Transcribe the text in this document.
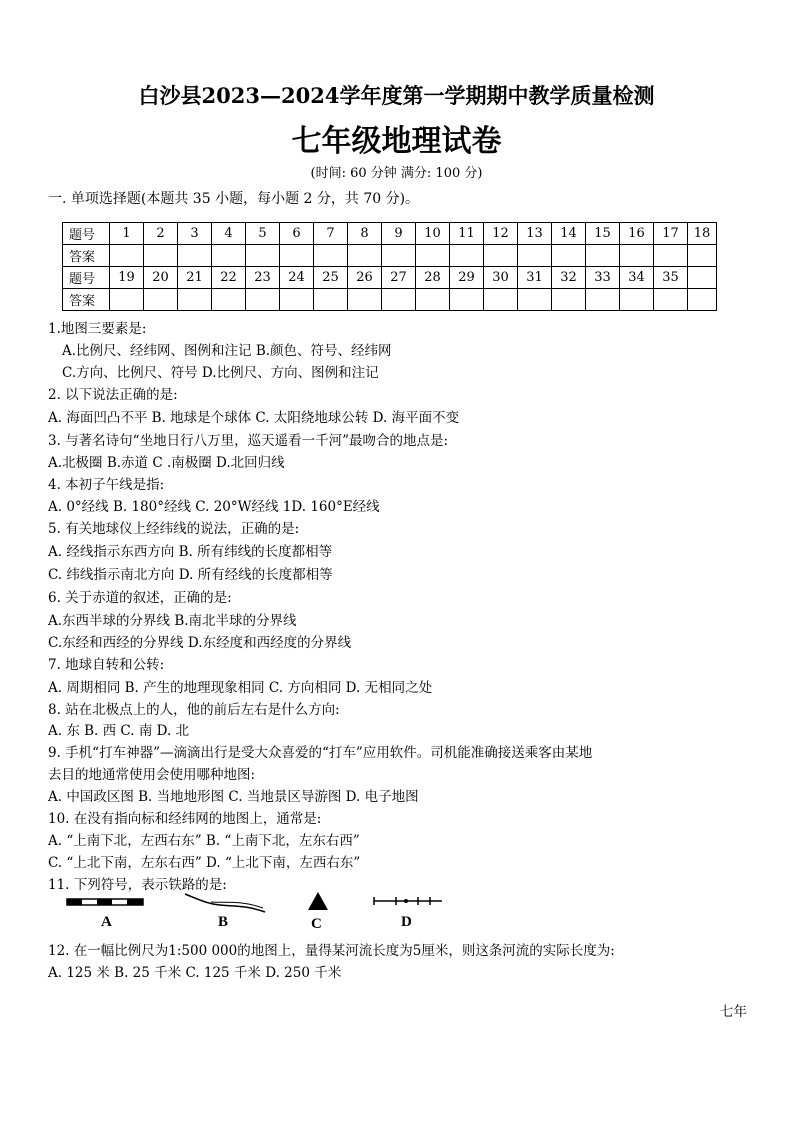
白沙县2023—2024学年度第一学期期中教学质量检测
七年级地理试卷
(时间: 60 分钟 满分: 100 分)
一. 单项选择题(本题共 35 小题，每小题 2 分，共 70 分)。
题号	1	2	3	4	5	6	7	8	9	10	11	12	13	14	15	16	17	18
答案																		
题号	19	20	21	22	23	24	25	26	27	28	29	30	31	32	33	34	35	
答案																		
1.地图三要素是:
A.比例尺、经纬网、图例和注记 B.颜色、符号、经纬网
C.方向、比例尺、符号 D.比例尺、方向、图例和注记
2. 以下说法正确的是:
A. 海面凹凸不平 B. 地球是个球体 C. 太阳绕地球公转 D. 海平面不变
3. 与著名诗句“坐地日行八万里，巡天遥看一千河”最吻合的地点是:
A.北极圈 B.赤道 C .南极圈 D.北回归线
4. 本初子午线是指:
A. 0°经线 B. 180°经线 C. 20°W经线 1D. 160°E经线
5. 有关地球仪上经纬线的说法，正确的是:
A. 经线指示东西方向 B. 所有纬线的长度都相等
C. 纬线指示南北方向 D. 所有经线的长度都相等
6. 关于赤道的叙述，正确的是:
A.东西半球的分界线 B.南北半球的分界线
C.东经和西经的分界线 D.东经度和西经度的分界线
7. 地球自转和公转:
A. 周期相同 B. 产生的地理现象相同 C. 方向相同 D. 无相同之处
8. 站在北极点上的人，他的前后左右是什么方向:
A. 东 B. 西 C. 南 D. 北
9. 手机“打车神器”—滴滴出行是受大众喜爱的“打车”应用软件。司机能准确接送乘客由某地
去目的地通常使用会使用哪种地图:
A. 中国政区图 B. 当地地形图 C. 当地景区导游图 D. 电子地图
10. 在没有指向标和经纬网的地图上，通常是:
A. “上南下北，左西右东” B. “上南下北，左东右西”
C. “上北下南，左东右西” D. “上北下南，左西右东”
11. 下列符号，表示铁路的是:
A	B	C	D
12. 在一幅比例尺为1:500 000的地图上，量得某河流长度为5厘米，则这条河流的实际长度为:
A. 125 米 B. 25 千米 C. 125 千米 D. 250 千米
七年
